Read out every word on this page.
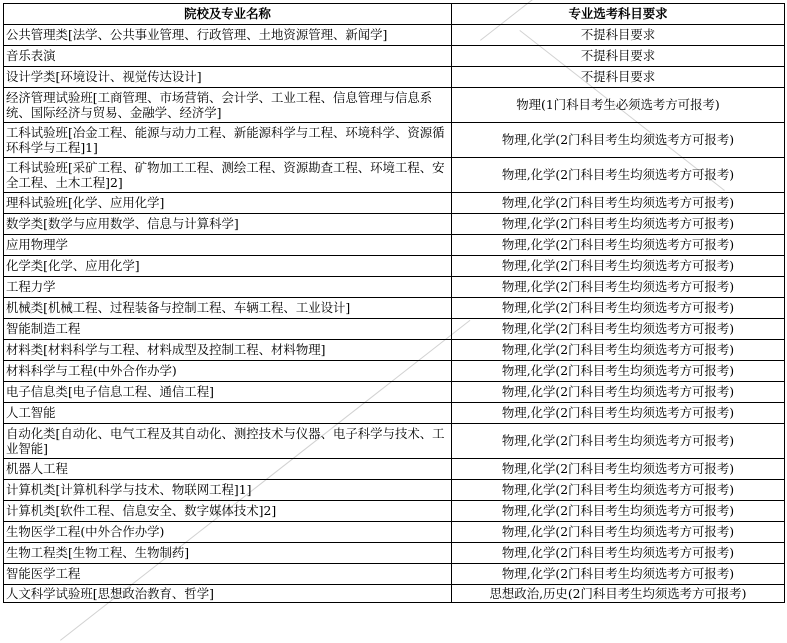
院校及专业名称	专业选考科目要求
公共管理类[法学、公共事业管理、行政管理、土地资源管理、新闻学]	不提科目要求
音乐表演	不提科目要求
设计学类[环境设计、视觉传达设计]	不提科目要求
经济管理试验班[工商管理、市场营销、会计学、工业工程、信息管理与信息系统、国际经济与贸易、金融学、经济学]	物理(1门科目考生必须选考方可报考)
工科试验班[冶金工程、能源与动力工程、新能源科学与工程、环境科学、资源循环科学与工程]1]	物理,化学(2门科目考生均须选考方可报考)
工科试验班[采矿工程、矿物加工工程、测绘工程、资源勘查工程、环境工程、安全工程、土木工程]2]	物理,化学(2门科目考生均须选考方可报考)
理科试验班[化学、应用化学]	物理,化学(2门科目考生均须选考方可报考)
数学类[数学与应用数学、信息与计算科学]	物理,化学(2门科目考生均须选考方可报考)
应用物理学	物理,化学(2门科目考生均须选考方可报考)
化学类[化学、应用化学]	物理,化学(2门科目考生均须选考方可报考)
工程力学	物理,化学(2门科目考生均须选考方可报考)
机械类[机械工程、过程装备与控制工程、车辆工程、工业设计]	物理,化学(2门科目考生均须选考方可报考)
智能制造工程	物理,化学(2门科目考生均须选考方可报考)
材料类[材料科学与工程、材料成型及控制工程、材料物理]	物理,化学(2门科目考生均须选考方可报考)
材料科学与工程(中外合作办学)	物理,化学(2门科目考生均须选考方可报考)
电子信息类[电子信息工程、通信工程]	物理,化学(2门科目考生均须选考方可报考)
人工智能	物理,化学(2门科目考生均须选考方可报考)
自动化类[自动化、电气工程及其自动化、测控技术与仪器、电子科学与技术、工业智能]	物理,化学(2门科目考生均须选考方可报考)
机器人工程	物理,化学(2门科目考生均须选考方可报考)
计算机类[计算机科学与技术、物联网工程]1]	物理,化学(2门科目考生均须选考方可报考)
计算机类[软件工程、信息安全、数字媒体技术]2]	物理,化学(2门科目考生均须选考方可报考)
生物医学工程(中外合作办学)	物理,化学(2门科目考生均须选考方可报考)
生物工程类[生物工程、生物制药]	物理,化学(2门科目考生均须选考方可报考)
智能医学工程	物理,化学(2门科目考生均须选考方可报考)
人文科学试验班[思想政治教育、哲学]	思想政治,历史(2门科目考生均须选考方可报考)
